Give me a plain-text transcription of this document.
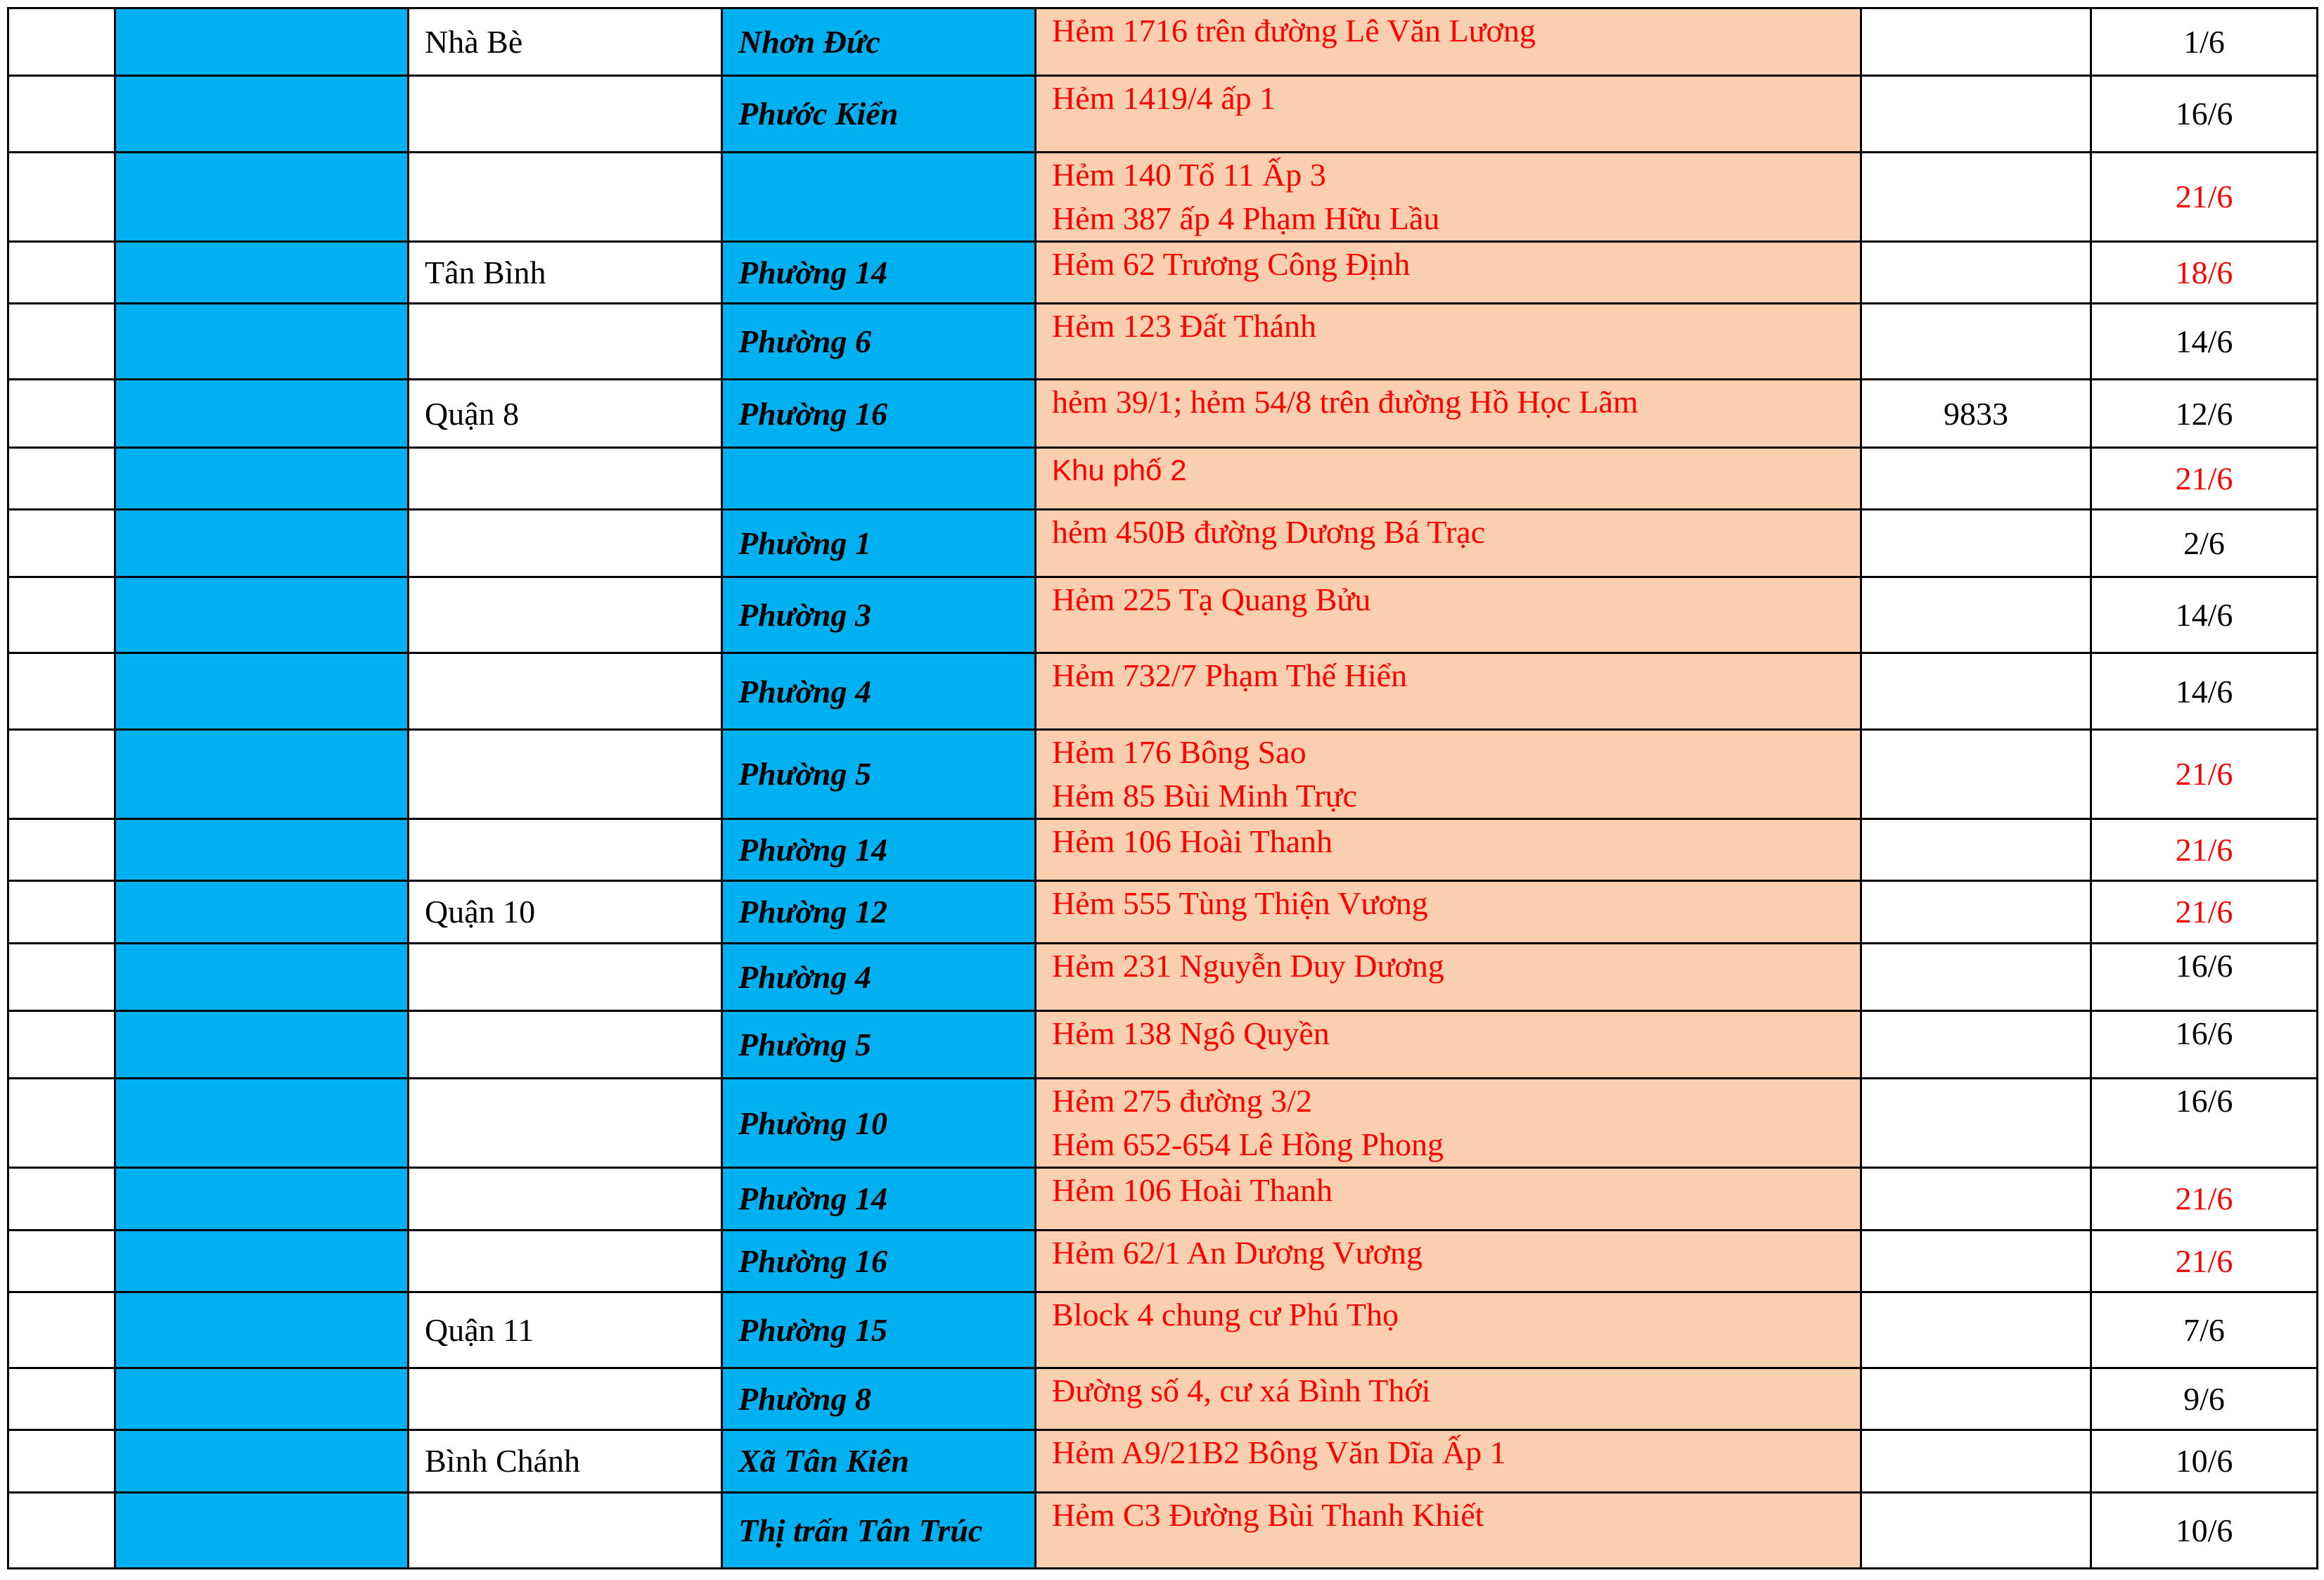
		Nhà Bè	Nhơn Đức	Hẻm 1716 trên đường Lê Văn Lương		1/6
			Phước Kiển	Hẻm 1419/4 ấp 1		16/6

				Hẻm 140 Tổ 11 Ấp 3
Hẻm 387 ấp 4 Phạm Hữu Lầu		21/6
		Tân Bình	Phường 14	Hẻm 62 Trương Công Định		18/6
			Phường 6	Hẻm 123 Đất Thánh		14/6
		Quận 8	Phường 16	hẻm 39/1; hẻm 54/8 trên đường Hồ Học Lãm	9833	12/6

				Khu phố 2		21/6
			Phường 1	hẻm 450B đường Dương Bá Trạc		2/6
			Phường 3	Hẻm 225 Tạ Quang Bửu		14/6
			Phường 4	Hẻm 732/7 Phạm Thế Hiển		14/6
			Phường 5	Hẻm 176 Bông Sao
Hẻm 85 Bùi Minh Trực		21/6
			Phường 14	Hẻm 106 Hoài Thanh		21/6
		Quận 10	Phường 12	Hẻm 555 Tùng Thiện Vương		21/6
			Phường 4	Hẻm 231 Nguyễn Duy Dương		16/6
			Phường 5	Hẻm 138 Ngô Quyền		16/6
			Phường 10	Hẻm 275 đường 3/2
Hẻm 652-654 Lê Hồng Phong		16/6
			Phường 14	Hẻm 106 Hoài Thanh		21/6
			Phường 16	Hẻm 62/1 An Dương Vương		21/6
		Quận 11	Phường 15	Block 4 chung cư Phú Thọ		7/6
			Phường 8	Đường số 4, cư xá Bình Thới		9/6
		Bình Chánh	Xã Tân Kiên	Hẻm A9/21B2 Bông Văn Dĩa Ấp 1		10/6
			Thị trấn Tân Trúc	Hẻm C3 Đường Bùi Thanh Khiết		10/6
